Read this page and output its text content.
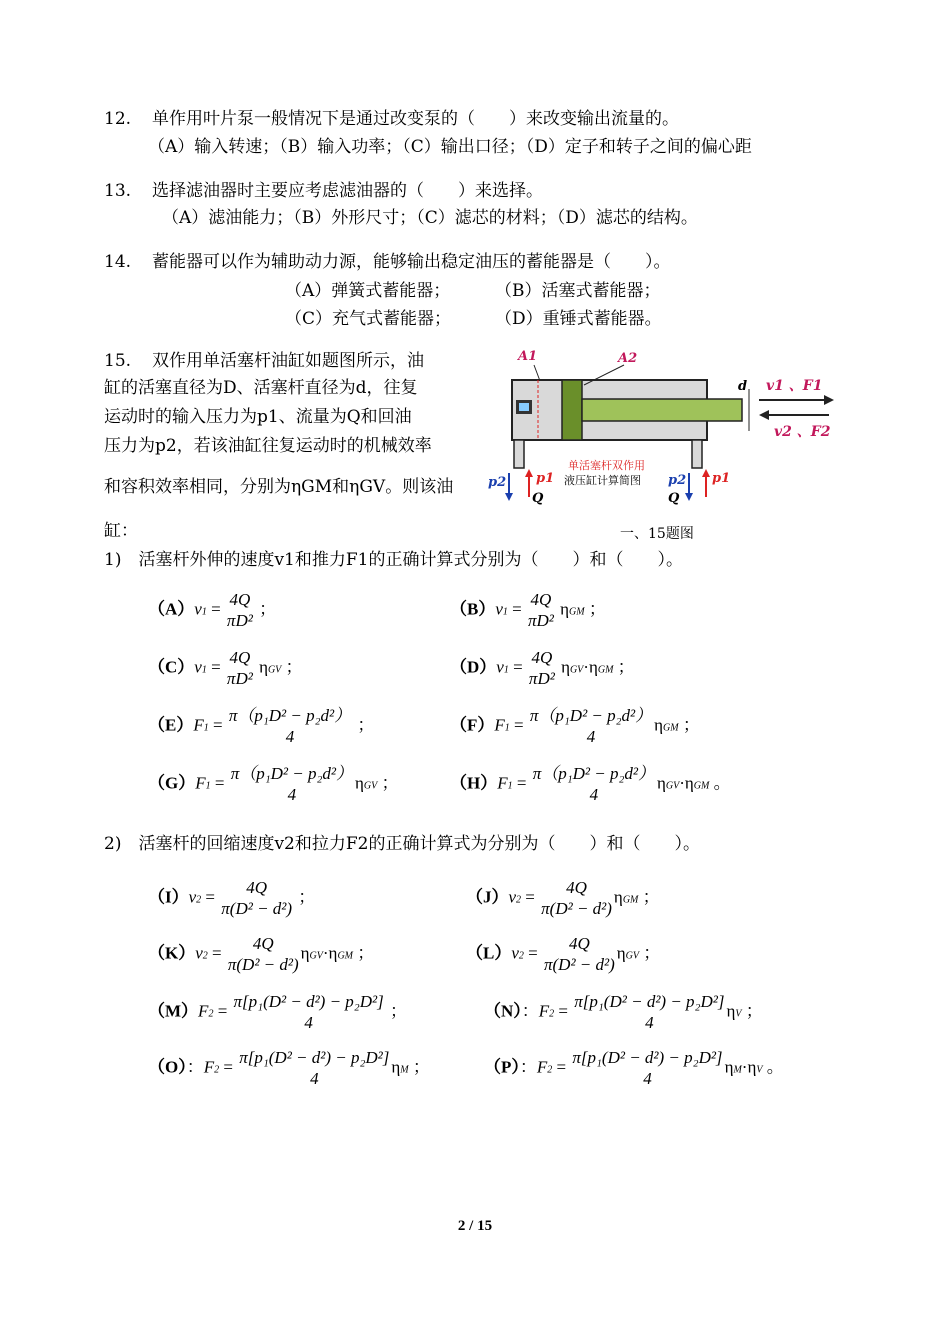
12. 单作用叶片泵一般情况下是通过改变泵的（　　）来改变输出流量的。
（A）输入转速；（B）输入功率；（C）输出口径；（D）定子和转子之间的偏心距
13. 选择滤油器时主要应考虑滤油器的（　　）来选择。
（A）滤油能力；（B）外形尺寸；（C）滤芯的材料；（D）滤芯的结构。
14. 蓄能器可以作为辅助动力源，能够输出稳定油压的蓄能器是（　　）。
（A）弹簧式蓄能器；	（B）活塞式蓄能器；
（C）充气式蓄能器；	（D）重锤式蓄能器。
15. 双作用单活塞杆油缸如题图所示，油
缸的活塞直径为D、活塞杆直径为d，往复
运动时的输入压力为p1、流量为Q和回油
压力为p2，若该油缸往复运动时的机械效率
和容积效率相同，分别为ηGM和ηGV。则该油
缸：
A1	A2
d v1 、F1
v2 、F2
p2 p1
Q
p2
Q
p1
单活塞杆双作用
液压缸计算简图
一、15题图
1)　活塞杆外伸的速度v1和推力F1的正确计算式分别为（　　）和（　　）。
（A）v1 = 4Q
πD²
；	（B）v1 = 4Q
πD²
ηGM ；
（C）v1 = 4Q
πD²
ηGV ；	（D）v1 = 4Q
πD²
ηGV·ηGM ；
（E）F1 = π（p₁D² − p₂d²）
4
；	（F）F1 = π（p₁D² − p₂d²）
4
ηGM ；
（G）F1 = π（p₁D² − p₂d²）
4
ηGV ；	（H）F1 = π（p₁D² − p₂d²）
4
ηGV·ηGM 。
2)　活塞杆的回缩速度v2和拉力F2的正确计算式为分别为（　　）和（　　）。
（I）v2 = 4Q
π(D² − d²)
；	（J）v2 = 4Q
π(D² − d²)
ηGM ；
（K）v2 = 4Q
π(D² − d²)
ηGV·ηGM ；	（L）v2 = 4Q
π(D² − d²)
ηGV ；
（M）F2 = π[p₁(D² − d²) − p₂D²]
4
；	（N）：F2 = π[p₁(D² − d²) − p₂D²]
4
ηV ；
（O）：F2 = π[p₁(D² − d²) − p₂D²]
4
ηM ；	（P）：F2 = π[p₁(D² − d²) − p₂D²]
4
ηM·ηV 。
2 / 15
